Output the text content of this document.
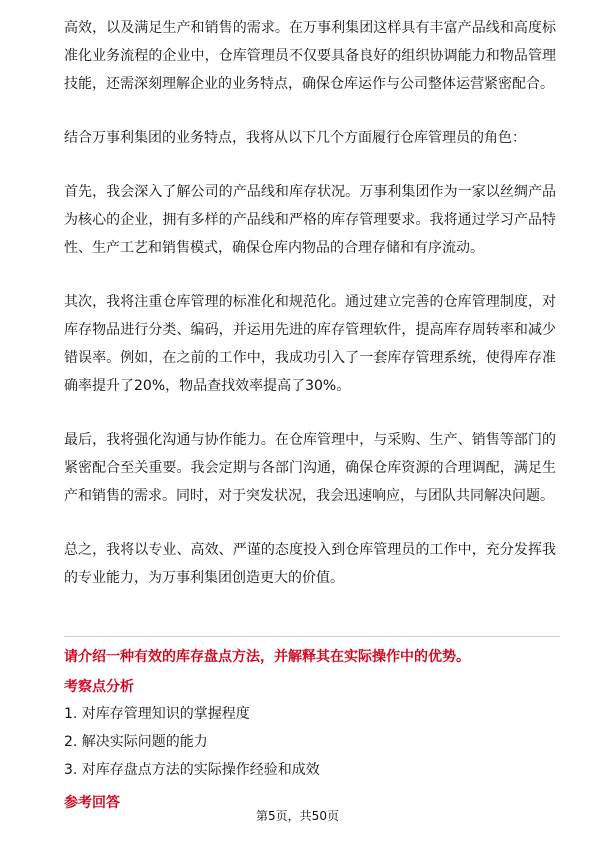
高效，以及满足生产和销售的需求。在万事利集团这样具有丰富产品线和高度标准化业务流程的企业中，仓库管理员不仅要具备良好的组织协调能力和物品管理技能，还需深刻理解企业的业务特点，确保仓库运作与公司整体运营紧密配合。

结合万事利集团的业务特点，我将从以下几个方面履行仓库管理员的角色：

首先，我会深入了解公司的产品线和库存状况。万事利集团作为一家以丝绸产品为核心的企业，拥有多样的产品线和严格的库存管理要求。我将通过学习产品特性、生产工艺和销售模式，确保仓库内物品的合理存储和有序流动。

其次，我将注重仓库管理的标准化和规范化。通过建立完善的仓库管理制度，对库存物品进行分类、编码，并运用先进的库存管理软件，提高库存周转率和减少错误率。例如，在之前的工作中，我成功引入了一套库存管理系统，使得库存准确率提升了20%，物品查找效率提高了30%。

最后，我将强化沟通与协作能力。在仓库管理中，与采购、生产、销售等部门的紧密配合至关重要。我会定期与各部门沟通，确保仓库资源的合理调配，满足生产和销售的需求。同时，对于突发状况，我会迅速响应，与团队共同解决问题。

总之，我将以专业、高效、严谨的态度投入到仓库管理员的工作中，充分发挥我的专业能力，为万事利集团创造更大的价值。

请介绍一种有效的库存盘点方法，并解释其在实际操作中的优势。
考察点分析
1. 对库存管理知识的掌握程度
2. 解决实际问题的能力
3. 对库存盘点方法的实际操作经验和成效
参考回答
第5页，共50页
